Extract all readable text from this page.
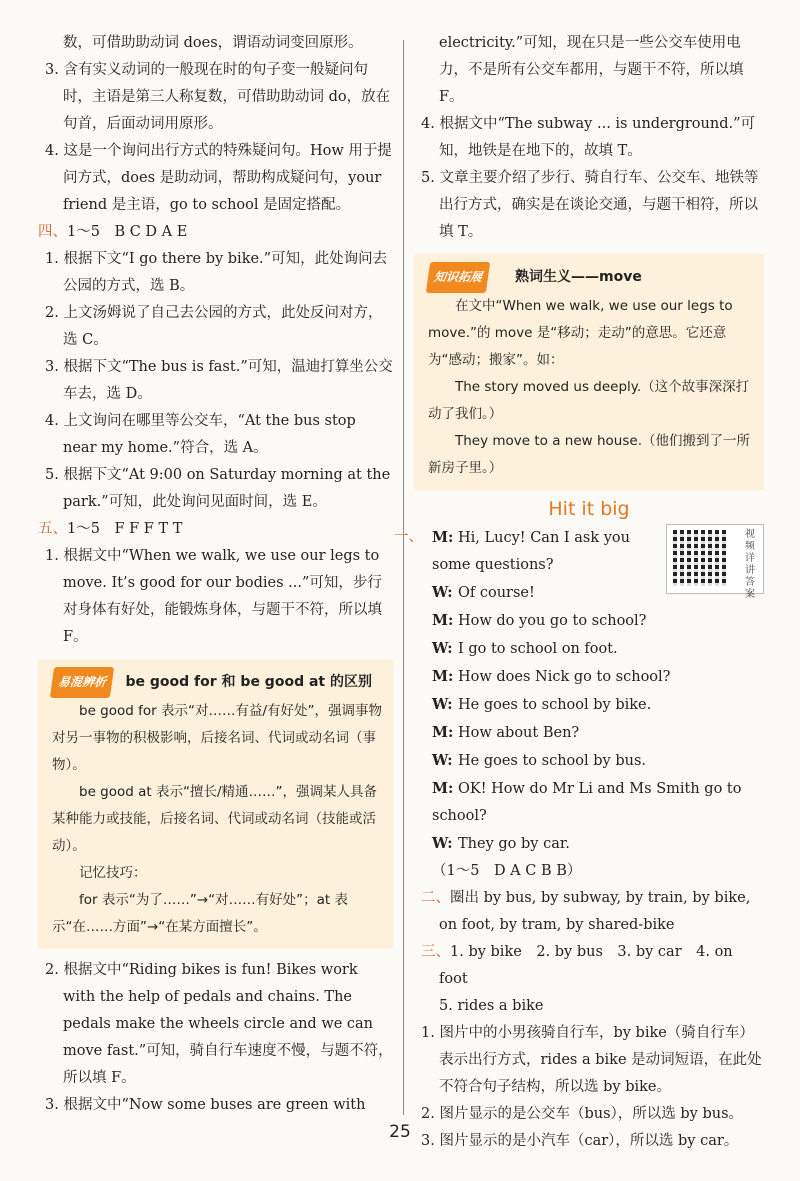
数，可借助助动词 does，谓语动词变回原形。

3. 含有实义动词的一般现在时的句子变一般疑问句时，主语是第三人称复数，可借助助动词 do，放在句首，后面动词用原形。

4. 这是一个询问出行方式的特殊疑问句。How 用于提问方式，does 是助动词，帮助构成疑问句，your friend 是主语，go to school 是固定搭配。

四、1～5　B C D A E

1. 根据下文“I go there by bike.”可知，此处询问去公园的方式，选 B。

2. 上文汤姆说了自己去公园的方式，此处反问对方，选 C。

3. 根据下文“The bus is fast.”可知，温迪打算坐公交车去，选 D。

4. 上文询问在哪里等公交车，“At the bus stop near my home.”符合，选 A。

5. 根据下文“At 9:00 on Saturday morning at the park.”可知，此处询问见面时间，选 E。

五、1～5　F F F T T

1. 根据文中“When we walk, we use our legs to move. It’s good for our bodies ...”可知，步行对身体有好处，能锻炼身体，与题干不符，所以填 F。

易混辨析　 be good for 和 be good at 的区别

be good for 表示“对……有益/有好处”，强调事物对另一事物的积极影响，后接名词、代词或动名词（事物）。

be good at 表示“擅长/精通……”，强调某人具备某种能力或技能，后接名词、代词或动名词（技能或活动）。

记忆技巧：

for 表示“为了……”→“对……有好处”；at 表示“在……方面”→“在某方面擅长”。

2. 根据文中“Riding bikes is fun! Bikes work with the help of pedals and chains. The pedals make the wheels circle and we can move fast.”可知，骑自行车速度不慢，与题不符，所以填 F。

3. 根据文中“Now some buses are green with

electricity.”可知，现在只是一些公交车使用电力，不是所有公交车都用，与题干不符，所以填 F。

4. 根据文中“The subway ... is underground.”可知，地铁是在地下的，故填 T。

5. 文章主要介绍了步行、骑自行车、公交车、地铁等出行方式，确实是在谈论交通，与题干相符，所以填 T。

知识拓展　　 熟词生义——move

在文中“When we walk, we use our legs to move.”的 move 是“移动；走动”的意思。它还意为“感动；搬家”。如：

The story moved us deeply.（这个故事深深打动了我们。）

They move to a new house.（他们搬到了一所新房子里。）

Hit it big
视频详讲答案
一、 M: Hi, Lucy! Can I ask you some questions?

W: Of course!

M: How do you go to school?

W: I go to school on foot.

M: How does Nick go to school?

W: He goes to school by bike.

M: How about Ben?

W: He goes to school by bus.

M: OK! How do Mr Li and Ms Smith go to school?

W: They go by car.

（1～5　D A C B B）

二、圈出 by bus, by subway, by train, by bike, on foot, by tram, by shared-bike

三、1. by bike　2. by bus　3. by car　4. on foot

5. rides a bike

1. 图片中的小男孩骑自行车，by bike（骑自行车）表示出行方式，rides a bike 是动词短语，在此处不符合句子结构，所以选 by bike。

2. 图片显示的是公交车（bus），所以选 by bus。

3. 图片显示的是小汽车（car），所以选 by car。

25
